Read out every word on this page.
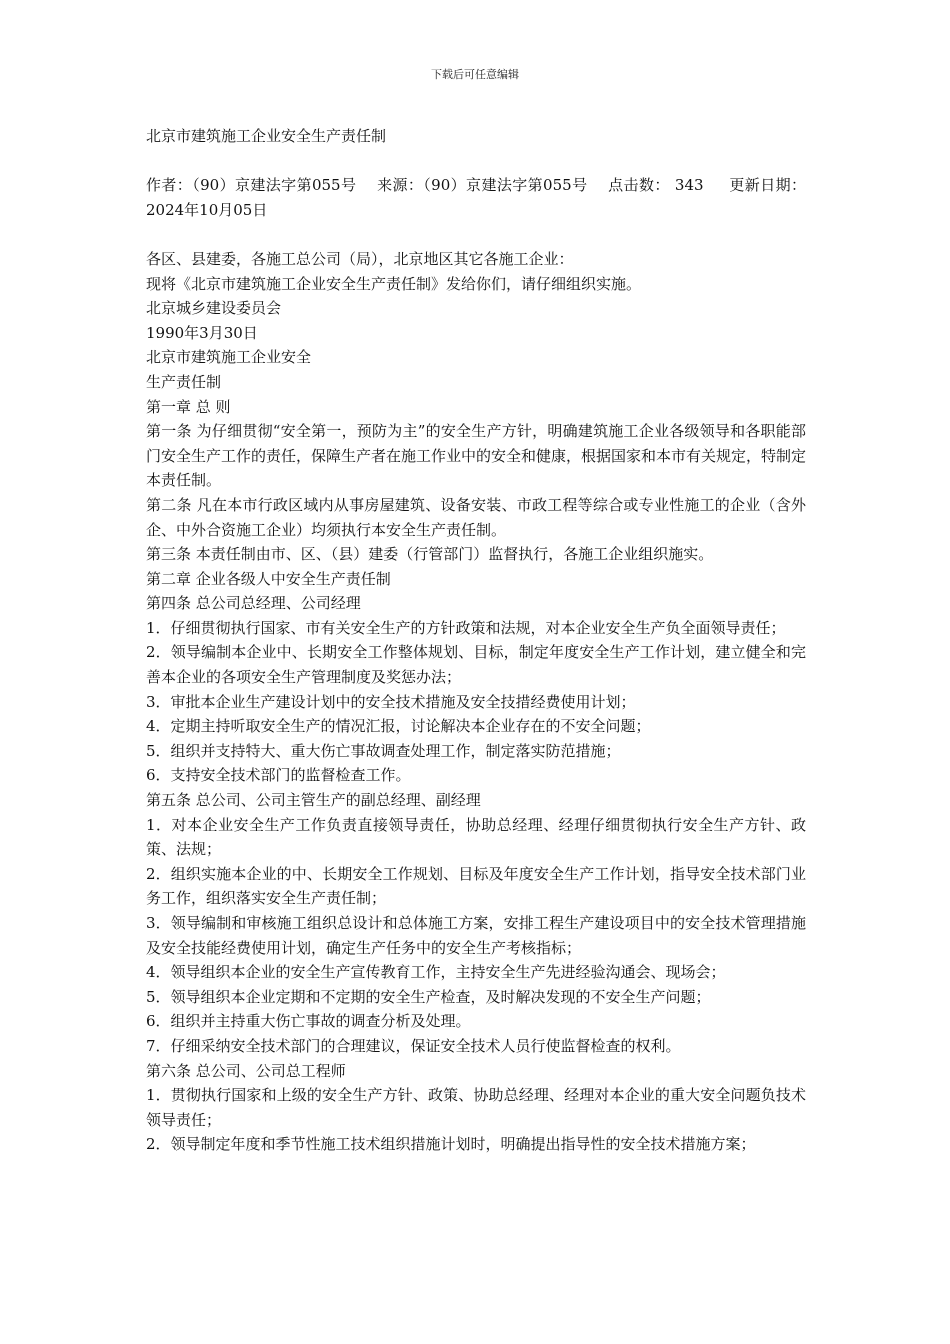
下载后可任意编辑
北京市建筑施工企业安全生产责任制
作者：（90）京建法字第055号 来源：（90）京建法字第055号 点击数： 343 更新日期：2024年10月05日

各区、县建委，各施工总公司（局），北京地区其它各施工企业：

现将《北京市建筑施工企业安全生产责任制》发给你们，请仔细组织实施。

北京城乡建设委员会

1990年3月30日

北京市建筑施工企业安全

生产责任制

第一章 总 则

第一条 为仔细贯彻“安全第一，预防为主”的安全生产方针，明确建筑施工企业各级领导和各职能部门安全生产工作的责任，保障生产者在施工作业中的安全和健康，根据国家和本市有关规定，特制定本责任制。

第二条 凡在本市行政区域内从事房屋建筑、设备安装、市政工程等综合或专业性施工的企业（含外企、中外合资施工企业）均须执行本安全生产责任制。

第三条 本责任制由市、区、（县）建委（行管部门）监督执行，各施工企业组织施实。

第二章 企业各级人中安全生产责任制

第四条 总公司总经理、公司经理

1．仔细贯彻执行国家、市有关安全生产的方针政策和法规，对本企业安全生产负全面领导责任；

2．领导编制本企业中、长期安全工作整体规划、目标，制定年度安全生产工作计划，建立健全和完善本企业的各项安全生产管理制度及奖惩办法；

3．审批本企业生产建设计划中的安全技术措施及安全技措经费使用计划；

4．定期主持听取安全生产的情况汇报，讨论解决本企业存在的不安全问题；

5．组织并支持特大、重大伤亡事故调查处理工作，制定落实防范措施；

6．支持安全技术部门的监督检查工作。

第五条 总公司、公司主管生产的副总经理、副经理

1．对本企业安全生产工作负责直接领导责任，协助总经理、经理仔细贯彻执行安全生产方针、政策、法规；

2．组织实施本企业的中、长期安全工作规划、目标及年度安全生产工作计划，指导安全技术部门业务工作，组织落实安全生产责任制；

3．领导编制和审核施工组织总设计和总体施工方案，安排工程生产建设项目中的安全技术管理措施及安全技能经费使用计划，确定生产任务中的安全生产考核指标；

4．领导组织本企业的安全生产宣传教育工作，主持安全生产先进经验沟通会、现场会；

5．领导组织本企业定期和不定期的安全生产检查，及时解决发现的不安全生产问题；

6．组织并主持重大伤亡事故的调查分析及处理。

7．仔细采纳安全技术部门的合理建议，保证安全技术人员行使监督检查的权利。

第六条 总公司、公司总工程师

1．贯彻执行国家和上级的安全生产方针、政策、协助总经理、经理对本企业的重大安全问题负技术领导责任；

2．领导制定年度和季节性施工技术组织措施计划时，明确提出指导性的安全技术措施方案；
